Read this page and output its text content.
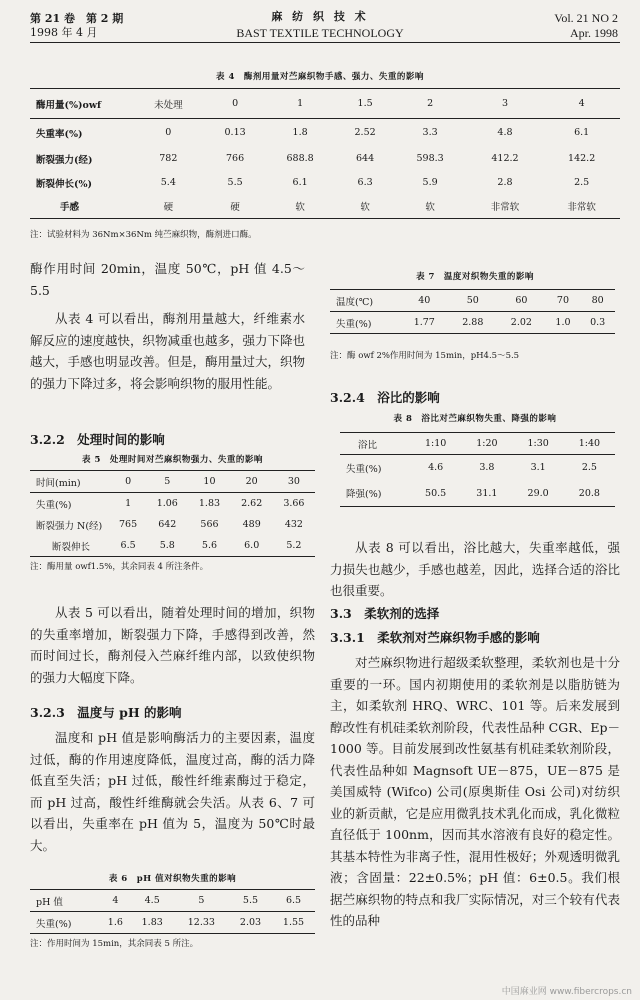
第 21 卷　第 2 期
1998 年 4 月
麻 纺 织 技 术
BAST TEXTILE TECHNOLOGY
Vol. 21 NO 2
Apr. 1998
表 4　酶剂用量对苎麻织物手感、强力、失重的影响
酶用量(%)owf	未处理	0	1	1.5	2	3	4
失重率(%)	0	0.13	1.8	2.52	3.3	4.8	6.1
断裂强力(经)	782	766	688.8	644	598.3	412.2	142.2
断裂伸长(%)	5.4	5.5	6.1	6.3	5.9	2.8	2.5
手感	硬	硬	软	软	软	非常软	非常软
注：试验材料为 36Nm×36Nm 纯苎麻织物，酶剂进口酶。
酶作用时间 20min，温度 50℃，pH 值 4.5～5.5
从表 4 可以看出，酶剂用量越大，纤维素水解反应的速度越快，织物减重也越多，强力下降也越大，手感也明显改善。但是，酶用量过大，织物的强力下降过多，将会影响织物的服用性能。
3.2.2　处理时间的影响
表 5　处理时间对苎麻织物强力、失重的影响
时间(min)	0	5	10	20	30
失重(%)	1	1.06	1.83	2.62	3.66
断裂强力 N(经)	765	642	566	489	432
断裂伸长	6.5	5.8	5.6	6.0	5.2
注：酶用量 owf1.5%，其余同表 4 所注条件。
从表 5 可以看出，随着处理时间的增加，织物的失重率增加，断裂强力下降，手感得到改善，然而时间过长，酶剂侵入苎麻纤维内部，以致使织物的强力大幅度下降。
3.2.3　温度与 pH 的影响
温度和 pH 值是影响酶活力的主要因素，温度过低，酶的作用速度降低，温度过高，酶的活力降低直至失活；pH 过低，酸性纤维素酶过于稳定，而 pH 过高，酸性纤维酶就会失活。从表 6、7 可以看出，失重率在 pH 值为 5，温度为 50℃时最大。
表 6　pH 值对织物失重的影响
pH 值	4	4.5	5	5.5	6.5
失重(%)	1.6	1.83	12.33	2.03	1.55
注：作用时间为 15min，其余同表 5 所注。
表 7　温度对织物失重的影响
温度(℃)	40	50	60	70	80
失重(%)	1.77	2.88	2.02	1.0	0.3
注：酶 owf 2%作用时间为 15min，pH4.5～5.5
3.2.4　浴比的影响
表 8　浴比对苎麻织物失重、降强的影响
浴比	1:10	1:20	1:30	1:40
失重(%)	4.6	3.8	3.1	2.5
降强(%)	50.5	31.1	29.0	20.8
从表 8 可以看出，浴比越大，失重率越低，强力损失也越少，手感也越差，因此，选择合适的浴比也很重要。
3.3　柔软剂的选择
3.3.1　柔软剂对苎麻织物手感的影响
对苎麻织物进行超级柔软整理，柔软剂也是十分重要的一环。国内初期使用的柔软剂是以脂肪链为主，如柔软剂 HRQ、WRC、101 等。后来发展到醇改性有机硅柔软剂阶段，代表性品种 CGR、Ep－1000 等。目前发展到改性氨基有机硅柔软剂阶段，代表性品种如 Magnsoft UE－875，UE－875 是美国威特 (Wifco) 公司(原奥斯佳 Osi 公司)对纺织业的新贡献，它是应用微乳技术乳化而成，乳化微粒直径低于 100nm，因而其水溶液有良好的稳定性。其基本特性为非离子性，混用性极好；外观透明微乳液；含固量：22±0.5%；pH 值：6±0.5。我们根据苎麻织物的特点和我厂实际情况，对三个较有代表性的品种
中国麻业网 www.fibercrops.cn
